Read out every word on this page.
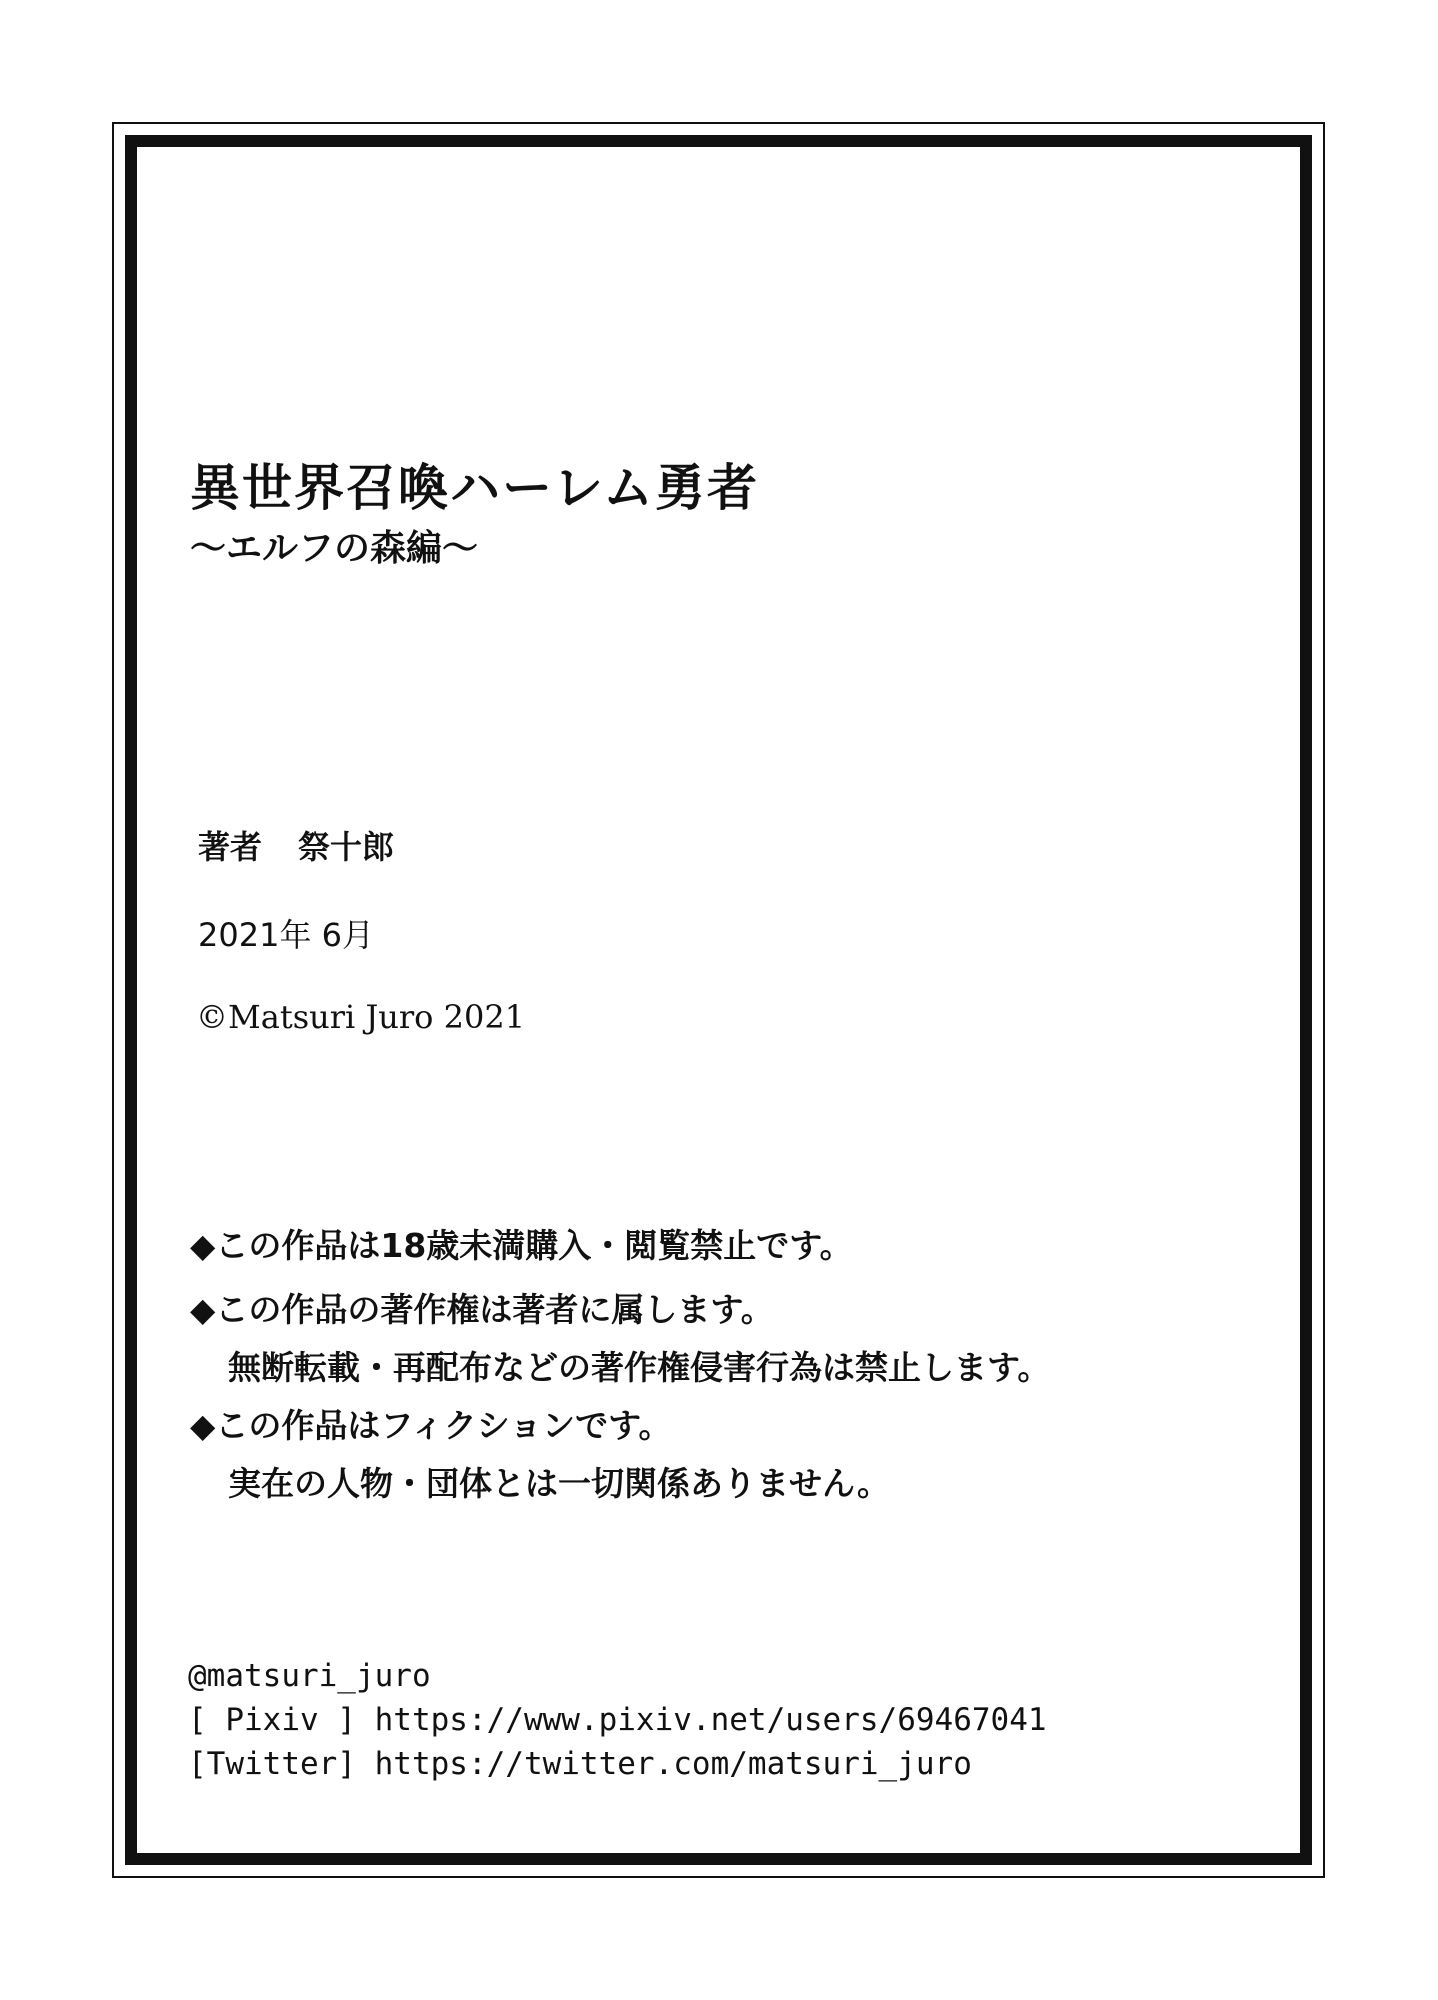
異世界召喚ハーレム勇者
～エルフの森編～
著者 祭十郎
2021年 6月
©Matsuri Juro 2021
◆この作品は18歳未満購入・閲覧禁止です。
◆この作品の著作権は著者に属します。
無断転載・再配布などの著作権侵害行為は禁止します。
◆この作品はフィクションです。
実在の人物・団体とは一切関係ありません。
@matsuri_juro
[ Pixiv ] https://www.pixiv.net/users/69467041
[Twitter] https://twitter.com/matsuri_juro
